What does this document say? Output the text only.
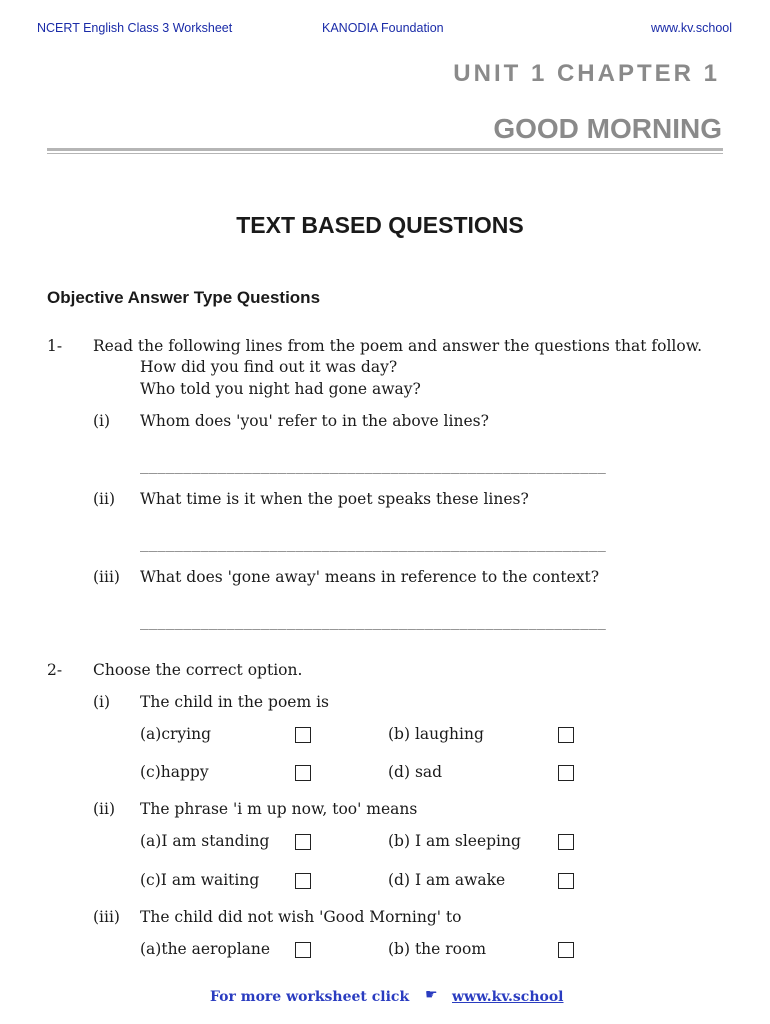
NCERT English Class 3 Worksheet	KANODIA Foundation	www.kv.school
UNIT 1 CHAPTER 1
GOOD MORNING
TEXT BASED QUESTIONS
Objective Answer Type Questions
1- Read the following lines from the poem and answer the questions that follow.
How did you find out it was day?
Who told you night had gone away?
(i) Whom does 'you' refer to in the above lines?
______________________________________________________
(ii) What time is it when the poet speaks these lines?
______________________________________________________
(iii) What does 'gone away' means in reference to the context?
______________________________________________________
2- Choose the correct option.
(i) The child in the poem is
(a)crying	(b) laughing
(c)happy	(d) sad
(ii) The phrase 'i m up now, too' means
(a)I am standing	(b) I am sleeping
(c)I am waiting	(d) I am awake
(iii) The child did not wish 'Good Morning' to
(a)the aeroplane	(b) the room
For more worksheet click ☛ www.kv.school
